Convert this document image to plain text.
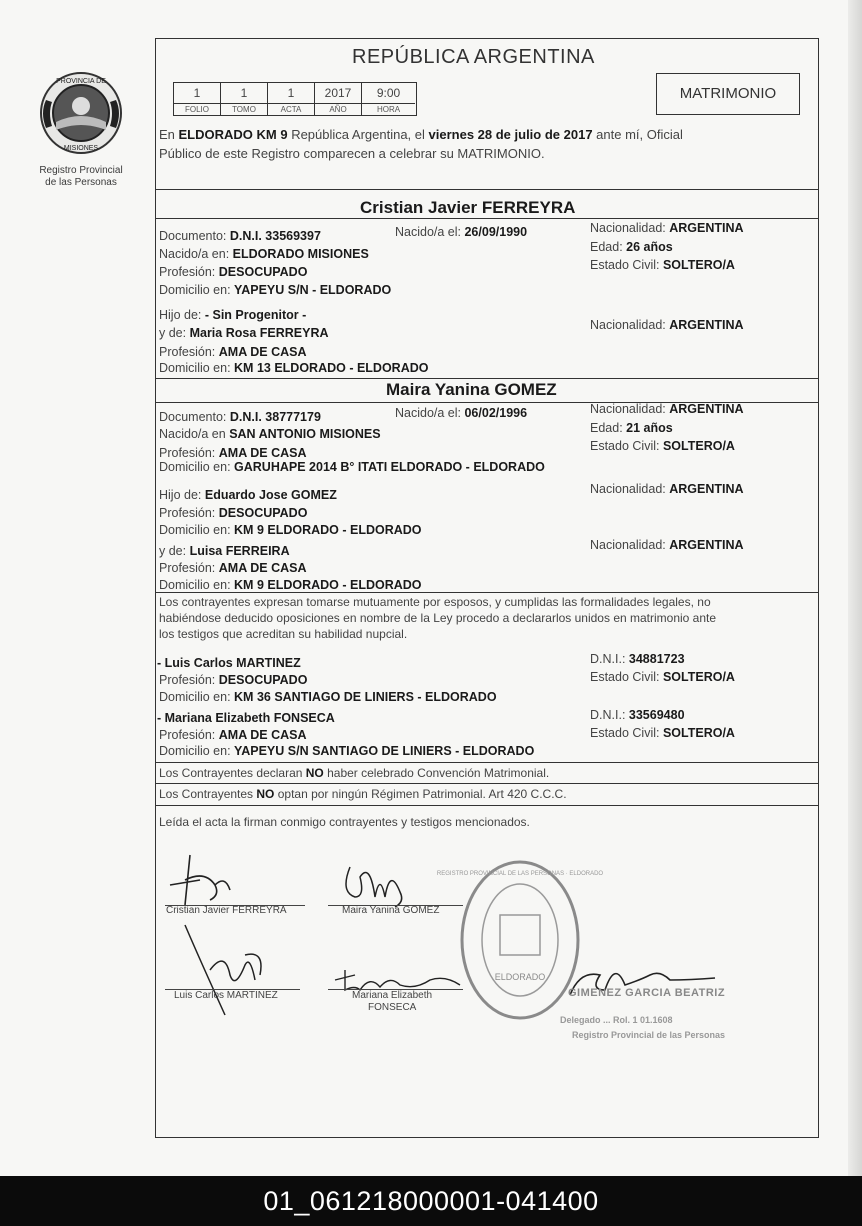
PROVINCIA DE
MISIONES
Registro Provincial
de las Personas
REPÚBLICA ARGENTINA
1	1	1	2017	9:00
FOLIO	TOMO	ACTA	AÑO	HORA
MATRIMONIO
En ELDORADO KM 9 República Argentina, el viernes 28 de julio de 2017 ante mí, Oficial
Público de este Registro comparecen a celebrar su MATRIMONIO.
Cristian Javier FERREYRA
Documento: D.N.I. 33569397	Nacido/a el: 26/09/1990	Nacionalidad: ARGENTINA
Nacido/a en: ELDORADO MISIONES	Edad: 26 años
Profesión: DESOCUPADO	Estado Civil: SOLTERO/A
Domicilio en: YAPEYU S/N - ELDORADO
Hijo de: - Sin Progenitor -
y de: Maria Rosa FERREYRA
Nacionalidad: ARGENTINA
Profesión: AMA DE CASA
Domicilio en: KM 13 ELDORADO - ELDORADO
Maira Yanina GOMEZ
Documento: D.N.I. 38777179	Nacido/a el: 06/02/1996	Nacionalidad: ARGENTINA
Nacido/a en SAN ANTONIO MISIONES	Edad: 21 años
Profesión: AMA DE CASA	Estado Civil: SOLTERO/A
Domicilio en: GARUHAPE 2014 B° ITATI ELDORADO - ELDORADO
Hijo de: Eduardo Jose GOMEZ	Nacionalidad: ARGENTINA
Profesión: DESOCUPADO
Domicilio en: KM 9 ELDORADO - ELDORADO
y de: Luisa FERREIRA	Nacionalidad: ARGENTINA
Profesión: AMA DE CASA
Domicilio en: KM 9 ELDORADO - ELDORADO
Los contrayentes expresan tomarse mutuamente por esposos, y cumplidas las formalidades legales, no
habiéndose deducido oposiciones en nombre de la Ley procedo a declararlos unidos en matrimonio ante
los testigos que acreditan su habilidad nupcial.
- Luis Carlos MARTINEZ	D.N.I.: 34881723
Profesión: DESOCUPADO	Estado Civil: SOLTERO/A
Domicilio en: KM 36 SANTIAGO DE LINIERS - ELDORADO
- Mariana Elizabeth FONSECA	D.N.I.: 33569480
Profesión: AMA DE CASA	Estado Civil: SOLTERO/A
Domicilio en: YAPEYU S/N SANTIAGO DE LINIERS - ELDORADO
Los Contrayentes declaran NO haber celebrado Convención Matrimonial.
Los Contrayentes NO optan por ningún Régimen Patrimonial. Art 420 C.C.C.
Leída el acta la firman conmigo contrayentes y testigos mencionados.
ELDORADO
REGISTRO PROVINCIAL DE LAS PERSONAS · ELDORADO
Cristian Javier FERREYRA	Maira Yanina GOMEZ
Luis Carlos MARTINEZ	Mariana Elizabeth
FONSECA
GIMENEZ GARCIA BEATRIZ
Delegado ... Rol. 1 01.1608
Registro Provincial de las Personas
01_061218000001-041400
